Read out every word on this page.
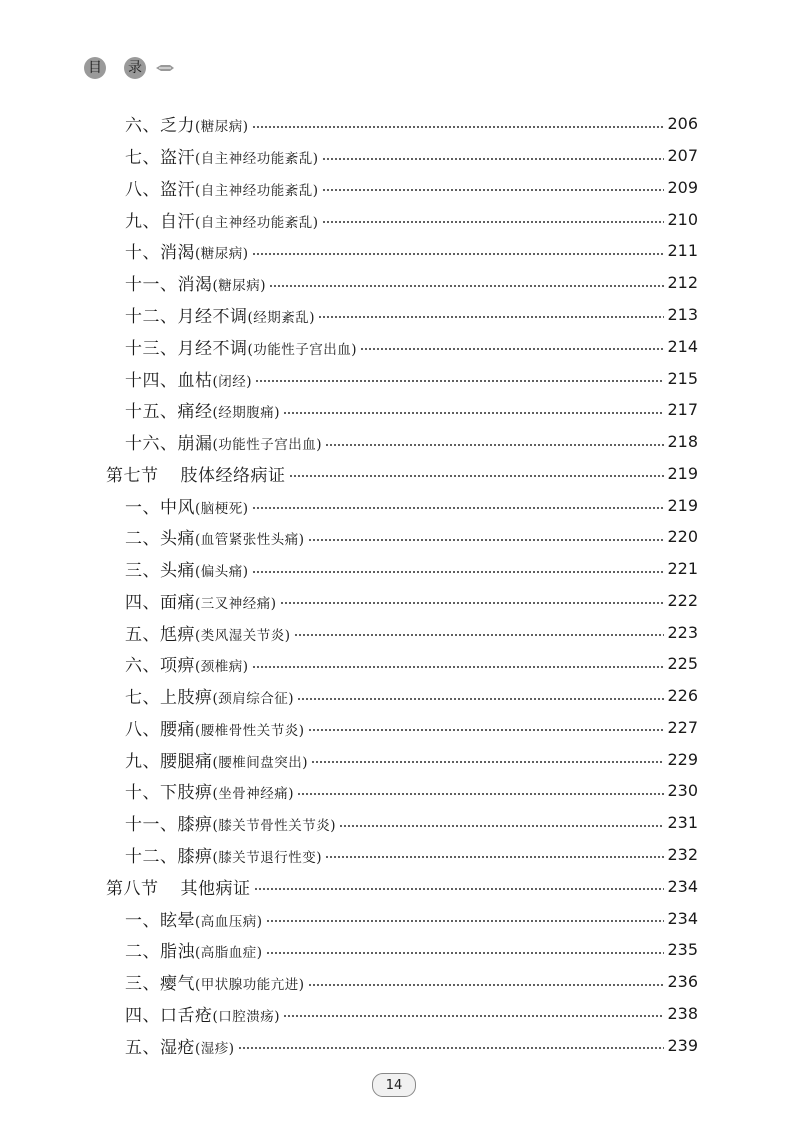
目 录
六、乏力(糖尿病)	206
七、盗汗(自主神经功能紊乱)	207
八、盗汗(自主神经功能紊乱)	209
九、自汗(自主神经功能紊乱)	210
十、消渴(糖尿病)	211
十一、消渴(糖尿病)	212
十二、月经不调(经期紊乱)	213
十三、月经不调(功能性子宫出血)	214
十四、血枯(闭经)	215
十五、痛经(经期腹痛)	217
十六、崩漏(功能性子宫出血)	218
第七节 肢体经络病证	219
一、中风(脑梗死)	219
二、头痛(血管紧张性头痛)	220
三、头痛(偏头痛)	221
四、面痛(三叉神经痛)	222
五、尪痹(类风湿关节炎)	223
六、项痹(颈椎病)	225
七、上肢痹(颈肩综合征)	226
八、腰痛(腰椎骨性关节炎)	227
九、腰腿痛(腰椎间盘突出)	229
十、下肢痹(坐骨神经痛)	230
十一、膝痹(膝关节骨性关节炎)	231
十二、膝痹(膝关节退行性变)	232
第八节 其他病证	234
一、眩晕(高血压病)	234
二、脂浊(高脂血症)	235
三、瘿气(甲状腺功能亢进)	236
四、口舌疮(口腔溃疡)	238
五、湿疮(湿疹)	239
14
